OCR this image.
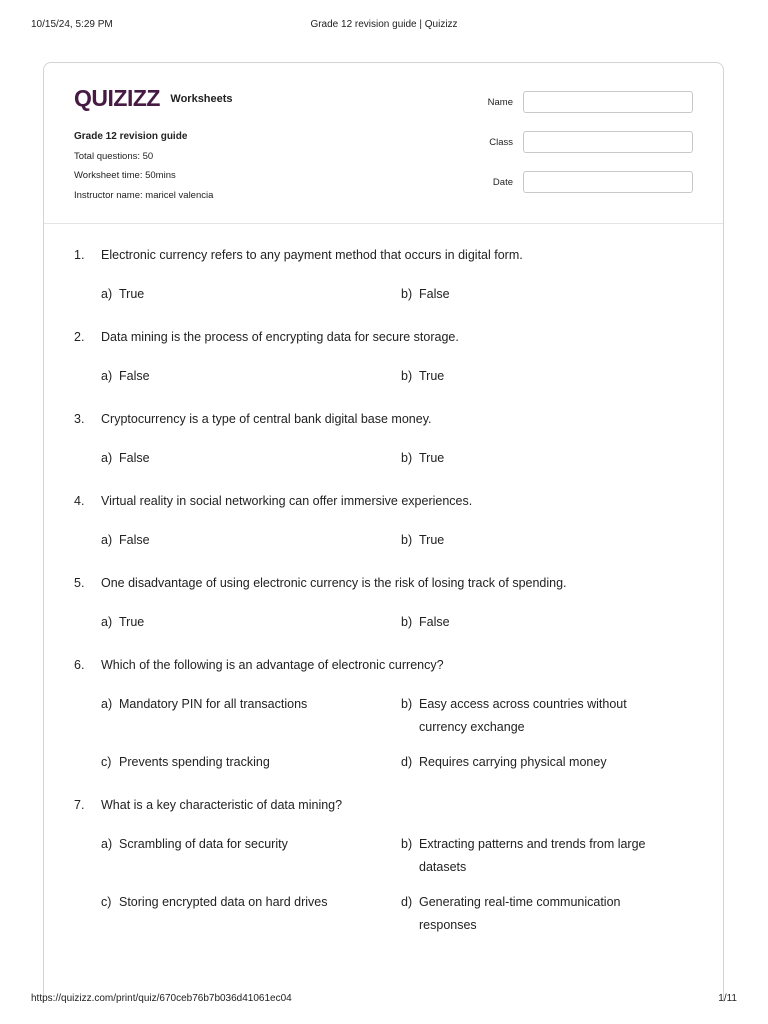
10/15/24, 5:29 PM	Grade 12 revision guide | Quizizz
QUIZIZZ Worksheets
Grade 12 revision guide
Total questions: 50
Worksheet time: 50mins
Instructor name: maricel valencia
Name
Class
Date
1. Electronic currency refers to any payment method that occurs in digital form.
a) True	b) False
2. Data mining is the process of encrypting data for secure storage.
a) False	b) True
3. Cryptocurrency is a type of central bank digital base money.
a) False	b) True
4. Virtual reality in social networking can offer immersive experiences.
a) False	b) True
5. One disadvantage of using electronic currency is the risk of losing track of spending.
a) True	b) False
6. Which of the following is an advantage of electronic currency?
a) Mandatory PIN for all transactions	b) Easy access across countries without currency exchange
c) Prevents spending tracking	d) Requires carrying physical money
7. What is a key characteristic of data mining?
a) Scrambling of data for security	b) Extracting patterns and trends from large datasets
c) Storing encrypted data on hard drives	d) Generating real-time communication responses
https://quizizz.com/print/quiz/670ceb76b7b036d41061ec04	1/11
